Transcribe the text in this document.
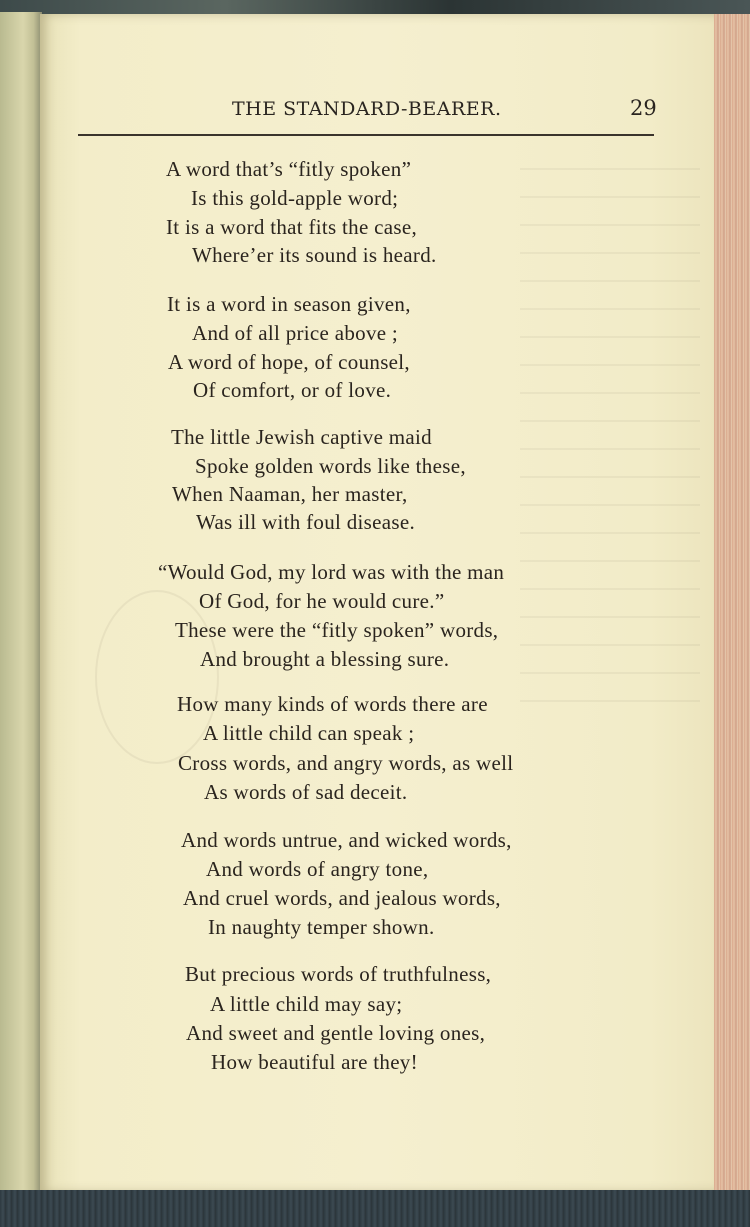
THE STANDARD-BEARER.	29
A word that’s “fitly spoken”
Is this gold-apple word;
It is a word that fits the case,
Where’er its sound is heard.
It is a word in season given,
And of all price above ;
A word of hope, of counsel,
Of comfort, or of love.
The little Jewish captive maid
Spoke golden words like these,
When Naaman, her master,
Was ill with foul disease.
“Would God, my lord was with the man
Of God, for he would cure.”
These were the “fitly spoken” words,
And brought a blessing sure.
How many kinds of words there are
A little child can speak ;
Cross words, and angry words, as well
As words of sad deceit.
And words untrue, and wicked words,
And words of angry tone,
And cruel words, and jealous words,
In naughty temper shown.
But precious words of truthfulness,
A little child may say;
And sweet and gentle loving ones,
How beautiful are they!
